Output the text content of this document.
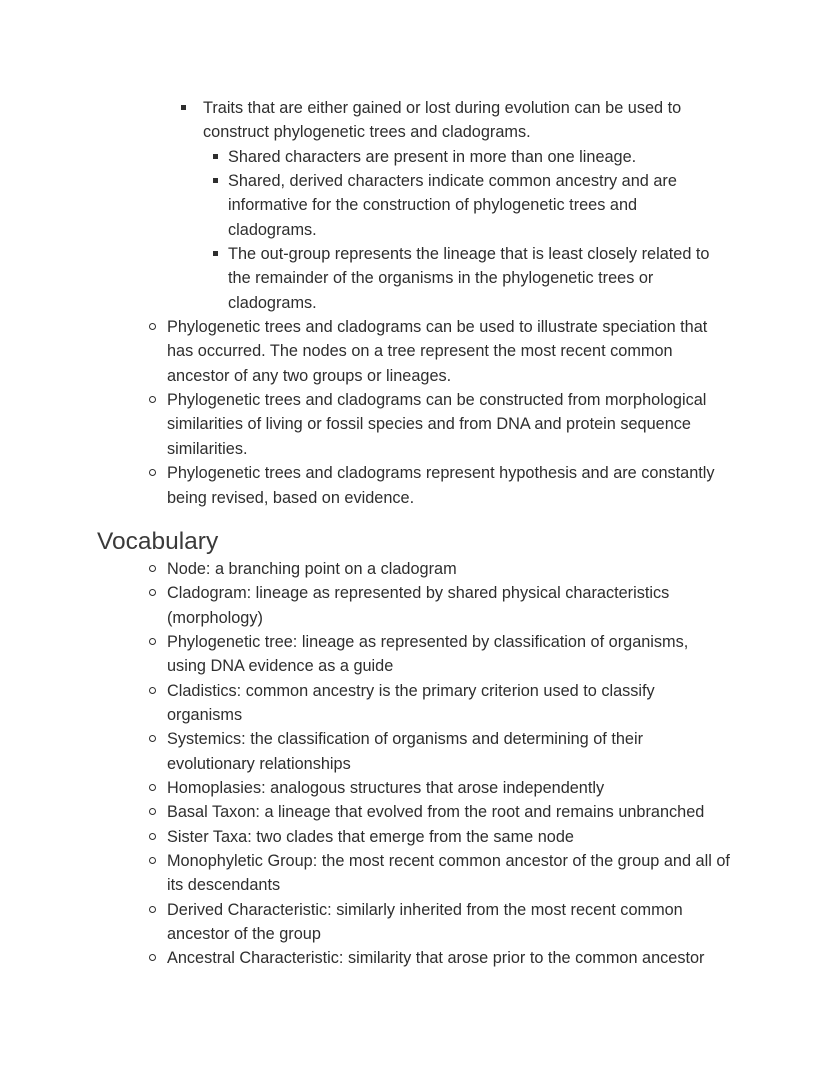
Traits that are either gained or lost during evolution can be used to construct phylogenetic trees and cladograms.
Shared characters are present in more than one lineage.
Shared, derived characters indicate common ancestry and are informative for the construction of phylogenetic trees and cladograms.
The out-group represents the lineage that is least closely related to the remainder of the organisms in the phylogenetic trees or cladograms.
Phylogenetic trees and cladograms can be used to illustrate speciation that has occurred. The nodes on a tree represent the most recent common ancestor of any two groups or lineages.
Phylogenetic trees and cladograms can be constructed from morphological similarities of living or fossil species and from DNA and protein sequence similarities.
Phylogenetic trees and cladograms represent hypothesis and are constantly being revised, based on evidence.
Vocabulary
Node: a branching point on a cladogram
Cladogram: lineage as represented by shared physical characteristics (morphology)
Phylogenetic tree: lineage as represented by classification of organisms, using DNA evidence as a guide
Cladistics: common ancestry is the primary criterion used to classify organisms
Systemics: the classification of organisms and determining of their evolutionary relationships
Homoplasies: analogous structures that arose independently
Basal Taxon: a lineage that evolved from the root and remains unbranched
Sister Taxa: two clades that emerge from the same node
Monophyletic Group: the most recent common ancestor of the group and all of its descendants
Derived Characteristic: similarly inherited from the most recent common ancestor of the group
Ancestral Characteristic: similarity that arose prior to the common ancestor
